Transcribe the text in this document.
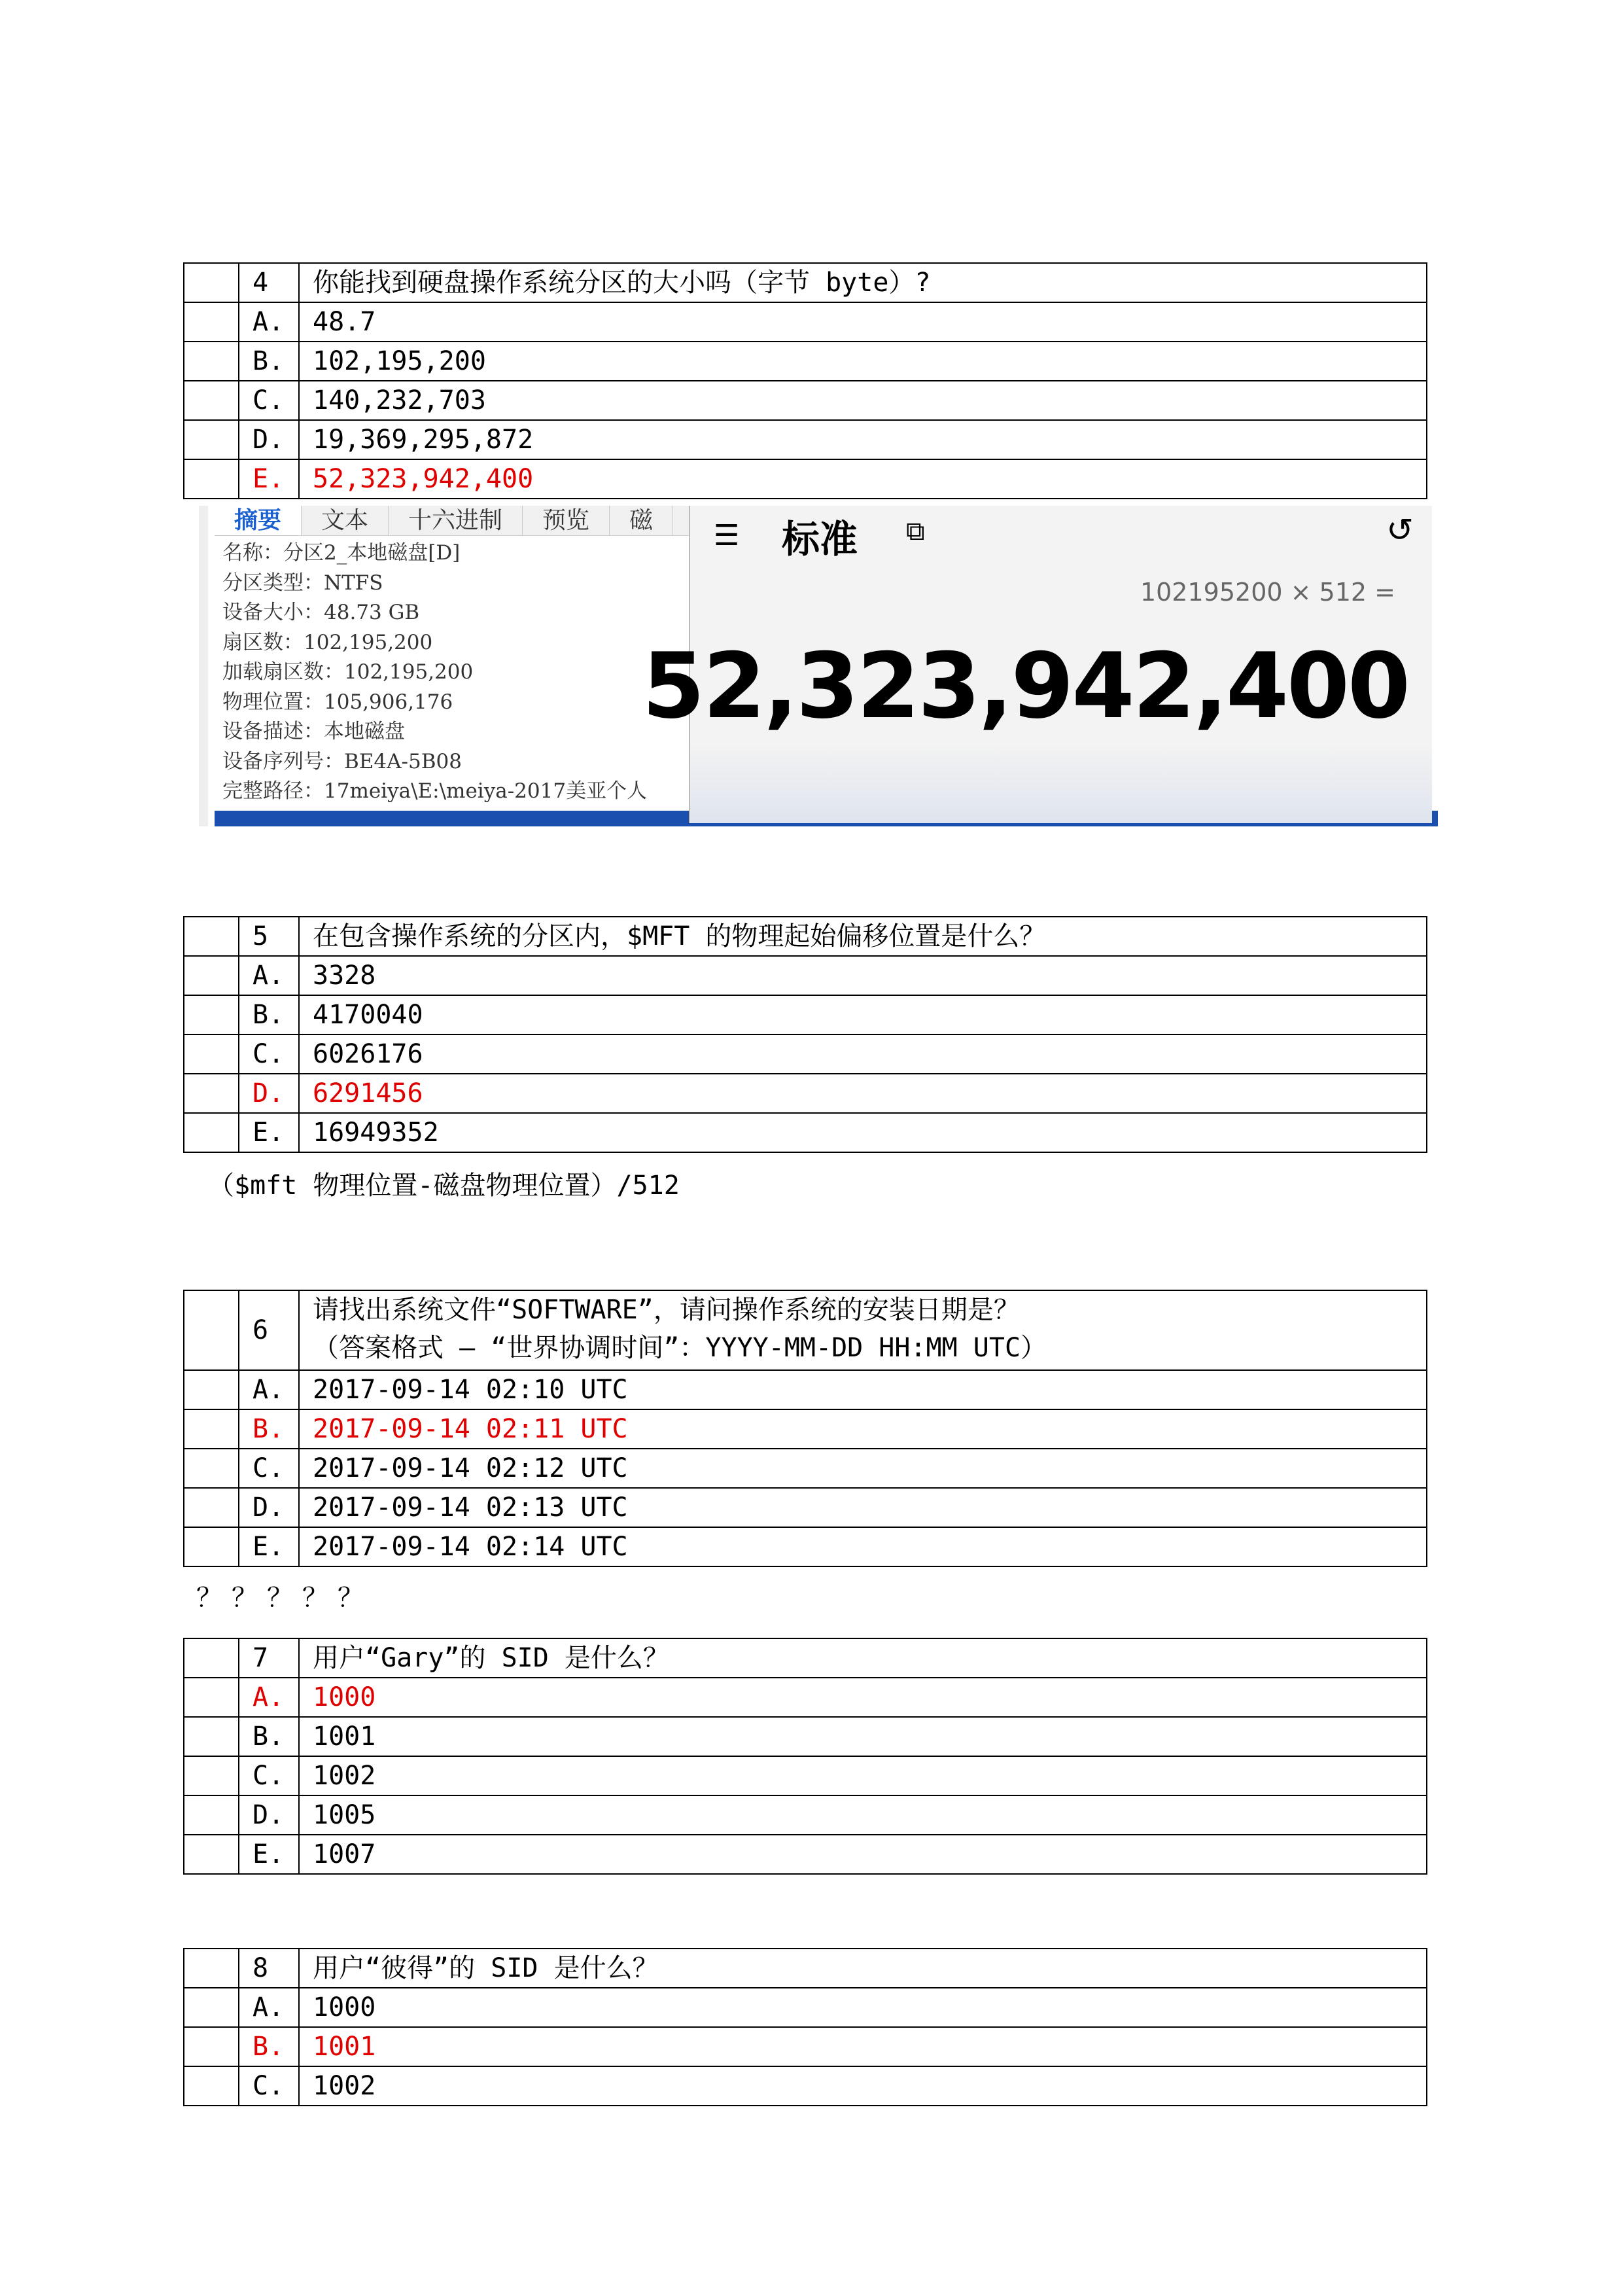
	4	你能找到硬盘操作系统分区的大小吗（字节 byte）?
	A.	48.7
	B.	102,195,200
	C.	140,232,703
	D.	19,369,295,872
	E.	52,323,942,400
摘要	文本	十六进制	预览	磁
名称：分区2_本地磁盘[D]
分区类型：NTFS
设备大小：48.73 GB
扇区数：102,195,200
加载扇区数：102,195,200
物理位置：105,906,176
设备描述：本地磁盘
设备序列号：BE4A-5B08
完整路径：17meiya\E:\meiya-2017美亚个人
☰ 标准 ⧉	↺
102195200 × 512 =
52,323,942,400
	5	在包含操作系统的分区内，$MFT 的物理起始偏移位置是什么？
	A.	3328
	B.	4170040
	C.	6026176
	D.	6291456
	E.	16949352
（$mft 物理位置-磁盘物理位置）/512
	6	请找出系统文件“SOFTWARE”，请问操作系统的安装日期是？
（答案格式 — “世界协调时间”：YYYY-MM-DD HH:MM UTC）
	A.	2017-09-14 02:10 UTC
	B.	2017-09-14 02:11 UTC
	C.	2017-09-14 02:12 UTC
	D.	2017-09-14 02:13 UTC
	E.	2017-09-14 02:14 UTC
？？？？？
	7	用户“Gary”的 SID 是什么？
	A.	1000
	B.	1001
	C.	1002
	D.	1005
	E.	1007
	8	用户“彼得”的 SID 是什么？
	A.	1000
	B.	1001
	C.	1002
